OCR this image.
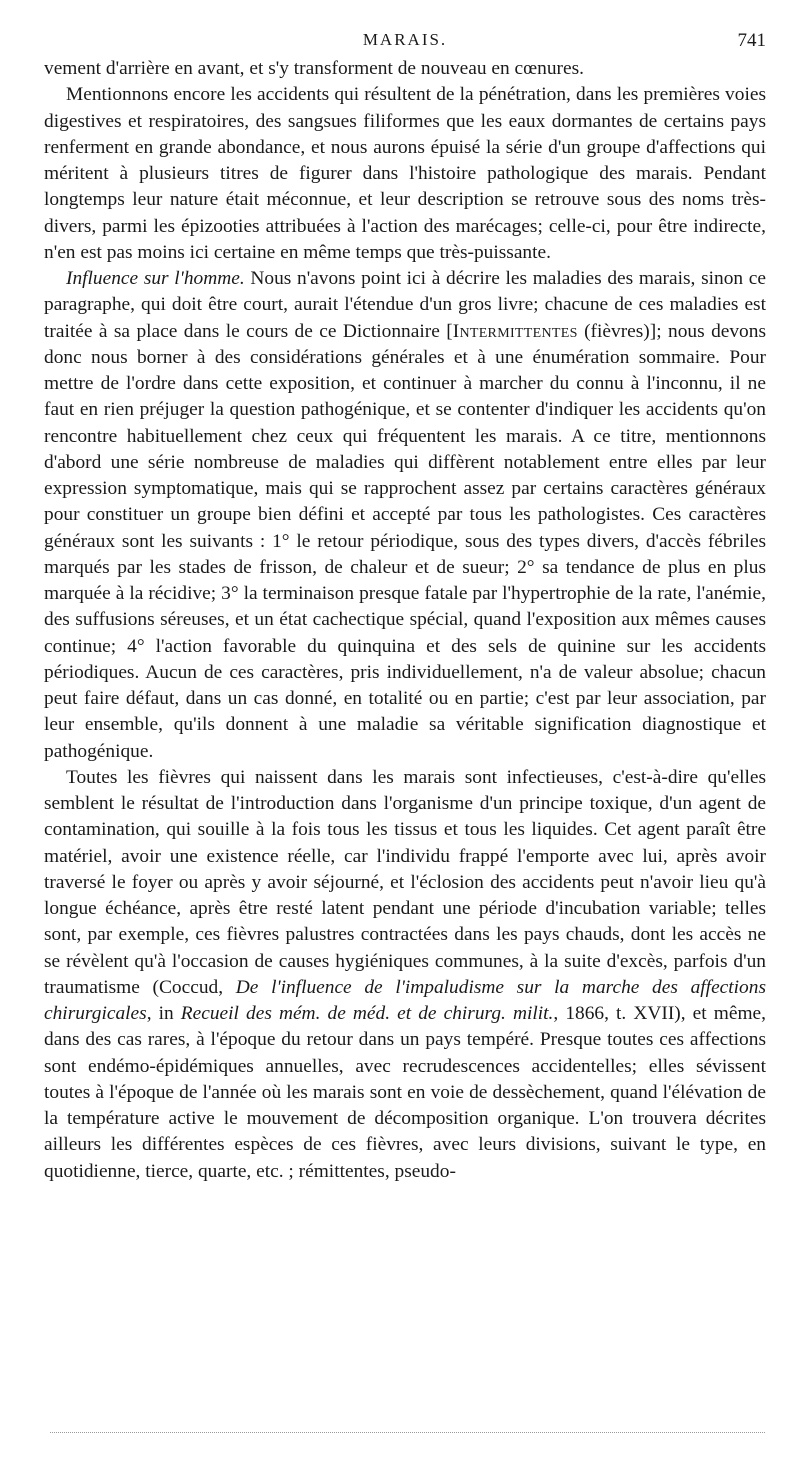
MARAIS.	741

vement d'arrière en avant, et s'y transforment de nouveau en cœnures.

Mentionnons encore les accidents qui résultent de la pénétration, dans les premières voies digestives et respiratoires, des sangsues filiformes que les eaux dormantes de certains pays renferment en grande abondance, et nous aurons épuisé la série d'un groupe d'affections qui méritent à plusieurs titres de figurer dans l'histoire pathologique des marais. Pendant longtemps leur nature était méconnue, et leur description se retrouve sous des noms très-divers, parmi les épizooties attribuées à l'action des marécages; celle-ci, pour être indirecte, n'en est pas moins ici certaine en même temps que très-puissante.

Influence sur l'homme. Nous n'avons point ici à décrire les maladies des marais, sinon ce paragraphe, qui doit être court, aurait l'étendue d'un gros livre; chacune de ces maladies est traitée à sa place dans le cours de ce Dictionnaire [Intermittentes (fièvres)]; nous devons donc nous borner à des considérations générales et à une énumération sommaire. Pour mettre de l'ordre dans cette exposition, et continuer à marcher du connu à l'inconnu, il ne faut en rien préjuger la question pathogénique, et se contenter d'indiquer les accidents qu'on rencontre habituellement chez ceux qui fréquentent les marais. A ce titre, mentionnons d'abord une série nombreuse de maladies qui diffèrent notablement entre elles par leur expression symptomatique, mais qui se rapprochent assez par certains caractères généraux pour constituer un groupe bien défini et accepté par tous les pathologistes. Ces caractères généraux sont les suivants : 1° le retour périodique, sous des types divers, d'accès fébriles marqués par les stades de frisson, de chaleur et de sueur; 2° sa tendance de plus en plus marquée à la récidive; 3° la terminaison presque fatale par l'hypertrophie de la rate, l'anémie, des suffusions séreuses, et un état cachectique spécial, quand l'exposition aux mêmes causes continue; 4° l'action favorable du quinquina et des sels de quinine sur les accidents périodiques. Aucun de ces caractères, pris individuellement, n'a de valeur absolue; chacun peut faire défaut, dans un cas donné, en totalité ou en partie; c'est par leur association, par leur ensemble, qu'ils donnent à une maladie sa véritable signification diagnostique et pathogénique.

Toutes les fièvres qui naissent dans les marais sont infectieuses, c'est-à-dire qu'elles semblent le résultat de l'introduction dans l'organisme d'un principe toxique, d'un agent de contamination, qui souille à la fois tous les tissus et tous les liquides. Cet agent paraît être matériel, avoir une existence réelle, car l'individu frappé l'emporte avec lui, après avoir traversé le foyer ou après y avoir séjourné, et l'éclosion des accidents peut n'avoir lieu qu'à longue échéance, après être resté latent pendant une période d'incubation variable; telles sont, par exemple, ces fièvres palustres contractées dans les pays chauds, dont les accès ne se révèlent qu'à l'occasion de causes hygiéniques communes, à la suite d'excès, parfois d'un traumatisme (Coccud, De l'influence de l'impaludisme sur la marche des affections chirurgicales, in Recueil des mém. de méd. et de chirurg. milit., 1866, t. XVII), et même, dans des cas rares, à l'époque du retour dans un pays tempéré. Presque toutes ces affections sont endémo-épidémiques annuelles, avec recrudescences accidentelles; elles sévissent toutes à l'époque de l'année où les marais sont en voie de dessèchement, quand l'élévation de la température active le mouvement de décomposition organique. L'on trouvera décrites ailleurs les différentes espèces de ces fièvres, avec leurs divisions, suivant le type, en quotidienne, tierce, quarte, etc. ; rémittentes, pseudo-
